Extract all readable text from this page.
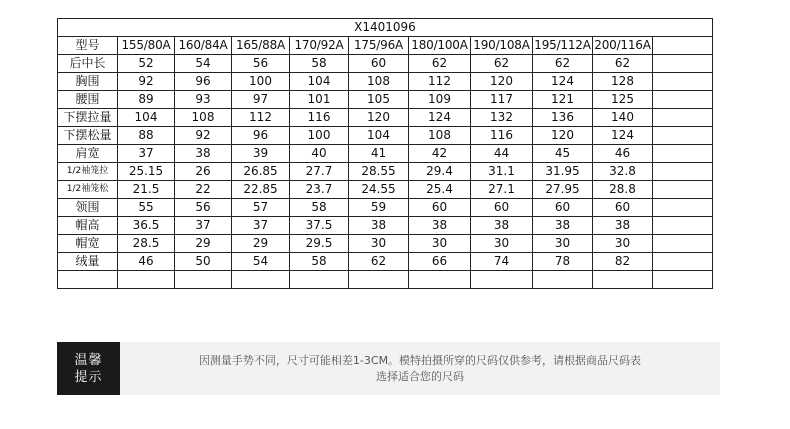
X1401096										
型号	155/80A	160/84A	165/88A	170/92A	175/96A	180/100A	190/108A	195/112A	200/116A	
后中长	52	54	56	58	60	62	62	62	62	
胸围	92	96	100	104	108	112	120	124	128	
腰围	89	93	97	101	105	109	117	121	125	
下摆拉量	104	108	112	116	120	124	132	136	140	
下摆松量	88	92	96	100	104	108	116	120	124	
肩宽	37	38	39	40	41	42	44	45	46	
1/2袖笼拉	25.15	26	26.85	27.7	28.55	29.4	31.1	31.95	32.8	
1/2袖笼松	21.5	22	22.85	23.7	24.55	25.4	27.1	27.95	28.8	
领围	55	56	57	58	59	60	60	60	60	
帽高	36.5	37	37	37.5	38	38	38	38	38	
帽宽	28.5	29	29	29.5	30	30	30	30	30	
绒量	46	50	54	58	62	66	74	78	82	

温馨
提示
因测量手势不同，尺寸可能相差1-3CM。模特拍摄所穿的尺码仅供参考，请根据商品尺码表
选择适合您的尺码
